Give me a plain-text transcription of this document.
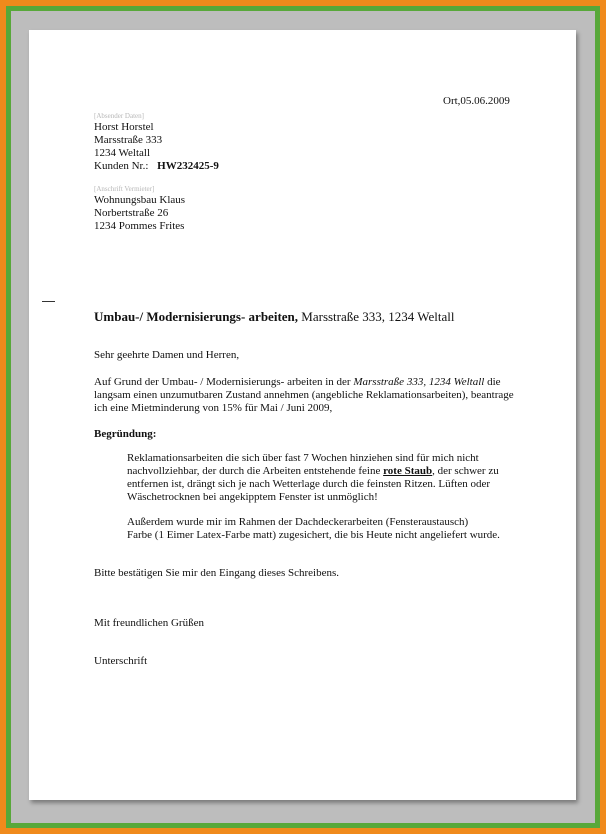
Ort,05.06.2009
[Absender Daten]
Horst Horstel
Marsstraße 333
1234 Weltall
Kunden Nr.: HW232425-9
[Anschrift Vermieter]
Wohnungsbau Klaus
Norbertstraße 26
1234 Pommes Frites
Umbau-/ Modernisierungs- arbeiten, Marsstraße 333, 1234 Weltall
Sehr geehrte Damen und Herren,
Auf Grund der Umbau- / Modernisierungs- arbeiten in der Marsstraße 333, 1234 Weltall die
langsam einen unzumutbaren Zustand annehmen (angebliche Reklamationsarbeiten), beantrage
ich eine Mietminderung von 15% für Mai / Juni 2009,
Begründung:
Reklamationsarbeiten die sich über fast 7 Wochen hinziehen sind für mich nicht
nachvollziehbar, der durch die Arbeiten entstehende feine rote Staub, der schwer zu
entfernen ist, drängt sich je nach Wetterlage durch die feinsten Ritzen. Lüften oder
Wäschetrocknen bei angekipptem Fenster ist unmöglich!
Außerdem wurde mir im Rahmen der Dachdeckerarbeiten (Fensteraustausch)
Farbe (1 Eimer Latex-Farbe matt) zugesichert, die bis Heute nicht angeliefert wurde.
Bitte bestätigen Sie mir den Eingang dieses Schreibens.
Mit freundlichen Grüßen
Unterschrift
